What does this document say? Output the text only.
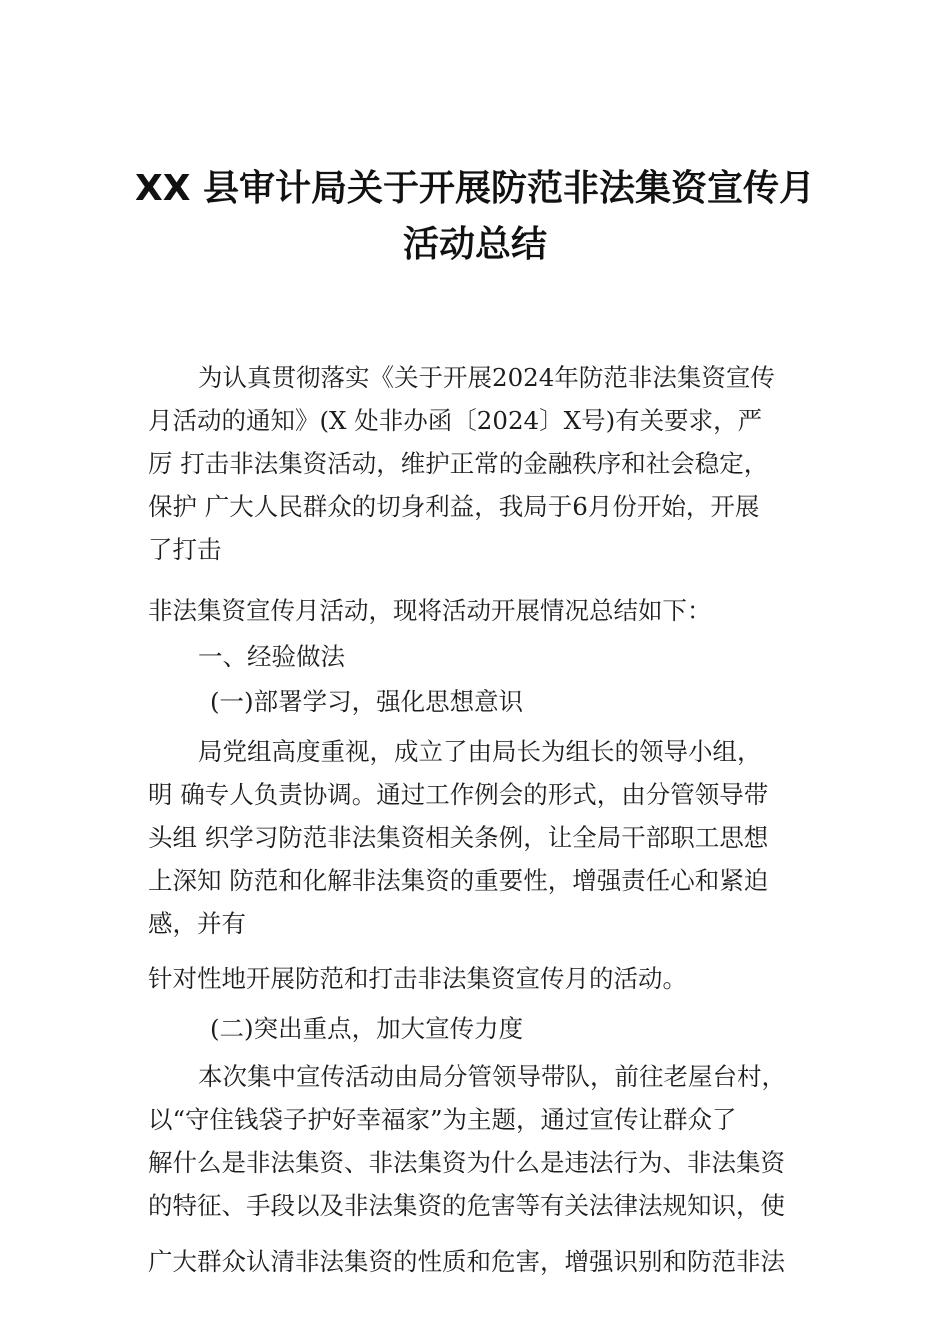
XX 县审计局关于开展防范非法集资宣传月
活动总结
为认真贯彻落实《关于开展2024年防范非法集资宣传
月活动的通知》(X 处非办函〔2024〕X号)有关要求，严
厉 打击非法集资活动，维护正常的金融秩序和社会稳定，
保护 广大人民群众的切身利益，我局于6月份开始，开展
了打击
非法集资宣传月活动，现将活动开展情况总结如下：
一、经验做法
(一)部署学习，强化思想意识
局党组高度重视，成立了由局长为组长的领导小组，
明 确专人负责协调。通过工作例会的形式，由分管领导带
头组 织学习防范非法集资相关条例，让全局干部职工思想
上深知 防范和化解非法集资的重要性，增强责任心和紧迫
感，并有
针对性地开展防范和打击非法集资宣传月的活动。
(二)突出重点，加大宣传力度
本次集中宣传活动由局分管领导带队，前往老屋台村，
以“守住钱袋子护好幸福家”为主题，通过宣传让群众了
解什么是非法集资、非法集资为什么是违法行为、非法集资
的特征、手段以及非法集资的危害等有关法律法规知识，使
广大群众认清非法集资的性质和危害，增强识别和防范非法
